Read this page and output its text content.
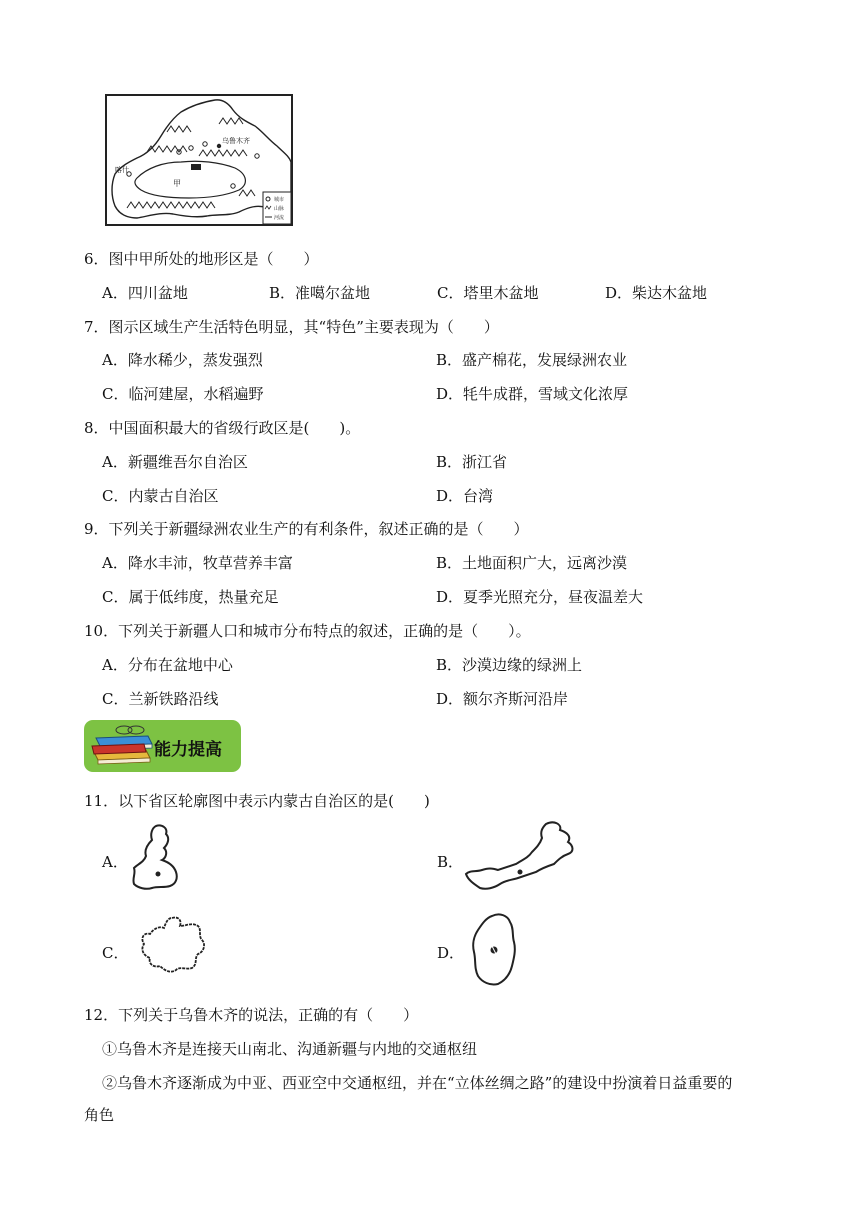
乌鲁木齐
喀什
甲
城市
山脉
河流
6．图中甲所处的地形区是（　　）
A．四川盆地	B．准噶尔盆地	C．塔里木盆地	D．柴达木盆地
7．图示区域生产生活特色明显，其“特色”主要表现为（　　）
A．降水稀少，蒸发强烈	B．盛产棉花，发展绿洲农业
C．临河建屋，水稻遍野	D．牦牛成群，雪域文化浓厚
8．中国面积最大的省级行政区是(　　)。
A．新疆维吾尔自治区	B．浙江省
C．内蒙古自治区	D．台湾
9．下列关于新疆绿洲农业生产的有利条件，叙述正确的是（　　）
A．降水丰沛，牧草营养丰富	B．土地面积广大，远离沙漠
C．属于低纬度，热量充足	D．夏季光照充分，昼夜温差大
10．下列关于新疆人口和城市分布特点的叙述，正确的是（　　）。
A．分布在盆地中心	B．沙漠边缘的绿洲上
C．兰新铁路沿线	D．额尔齐斯河沿岸
能力提高
11．以下省区轮廓图中表示内蒙古自治区的是(　　)
A．	B．
C．	D．
12．下列关于乌鲁木齐的说法，正确的有（　　）
①乌鲁木齐是连接天山南北、沟通新疆与内地的交通枢纽
②乌鲁木齐逐渐成为中亚、西亚空中交通枢纽，并在“立体丝绸之路”的建设中扮演着日益重要的
角色
